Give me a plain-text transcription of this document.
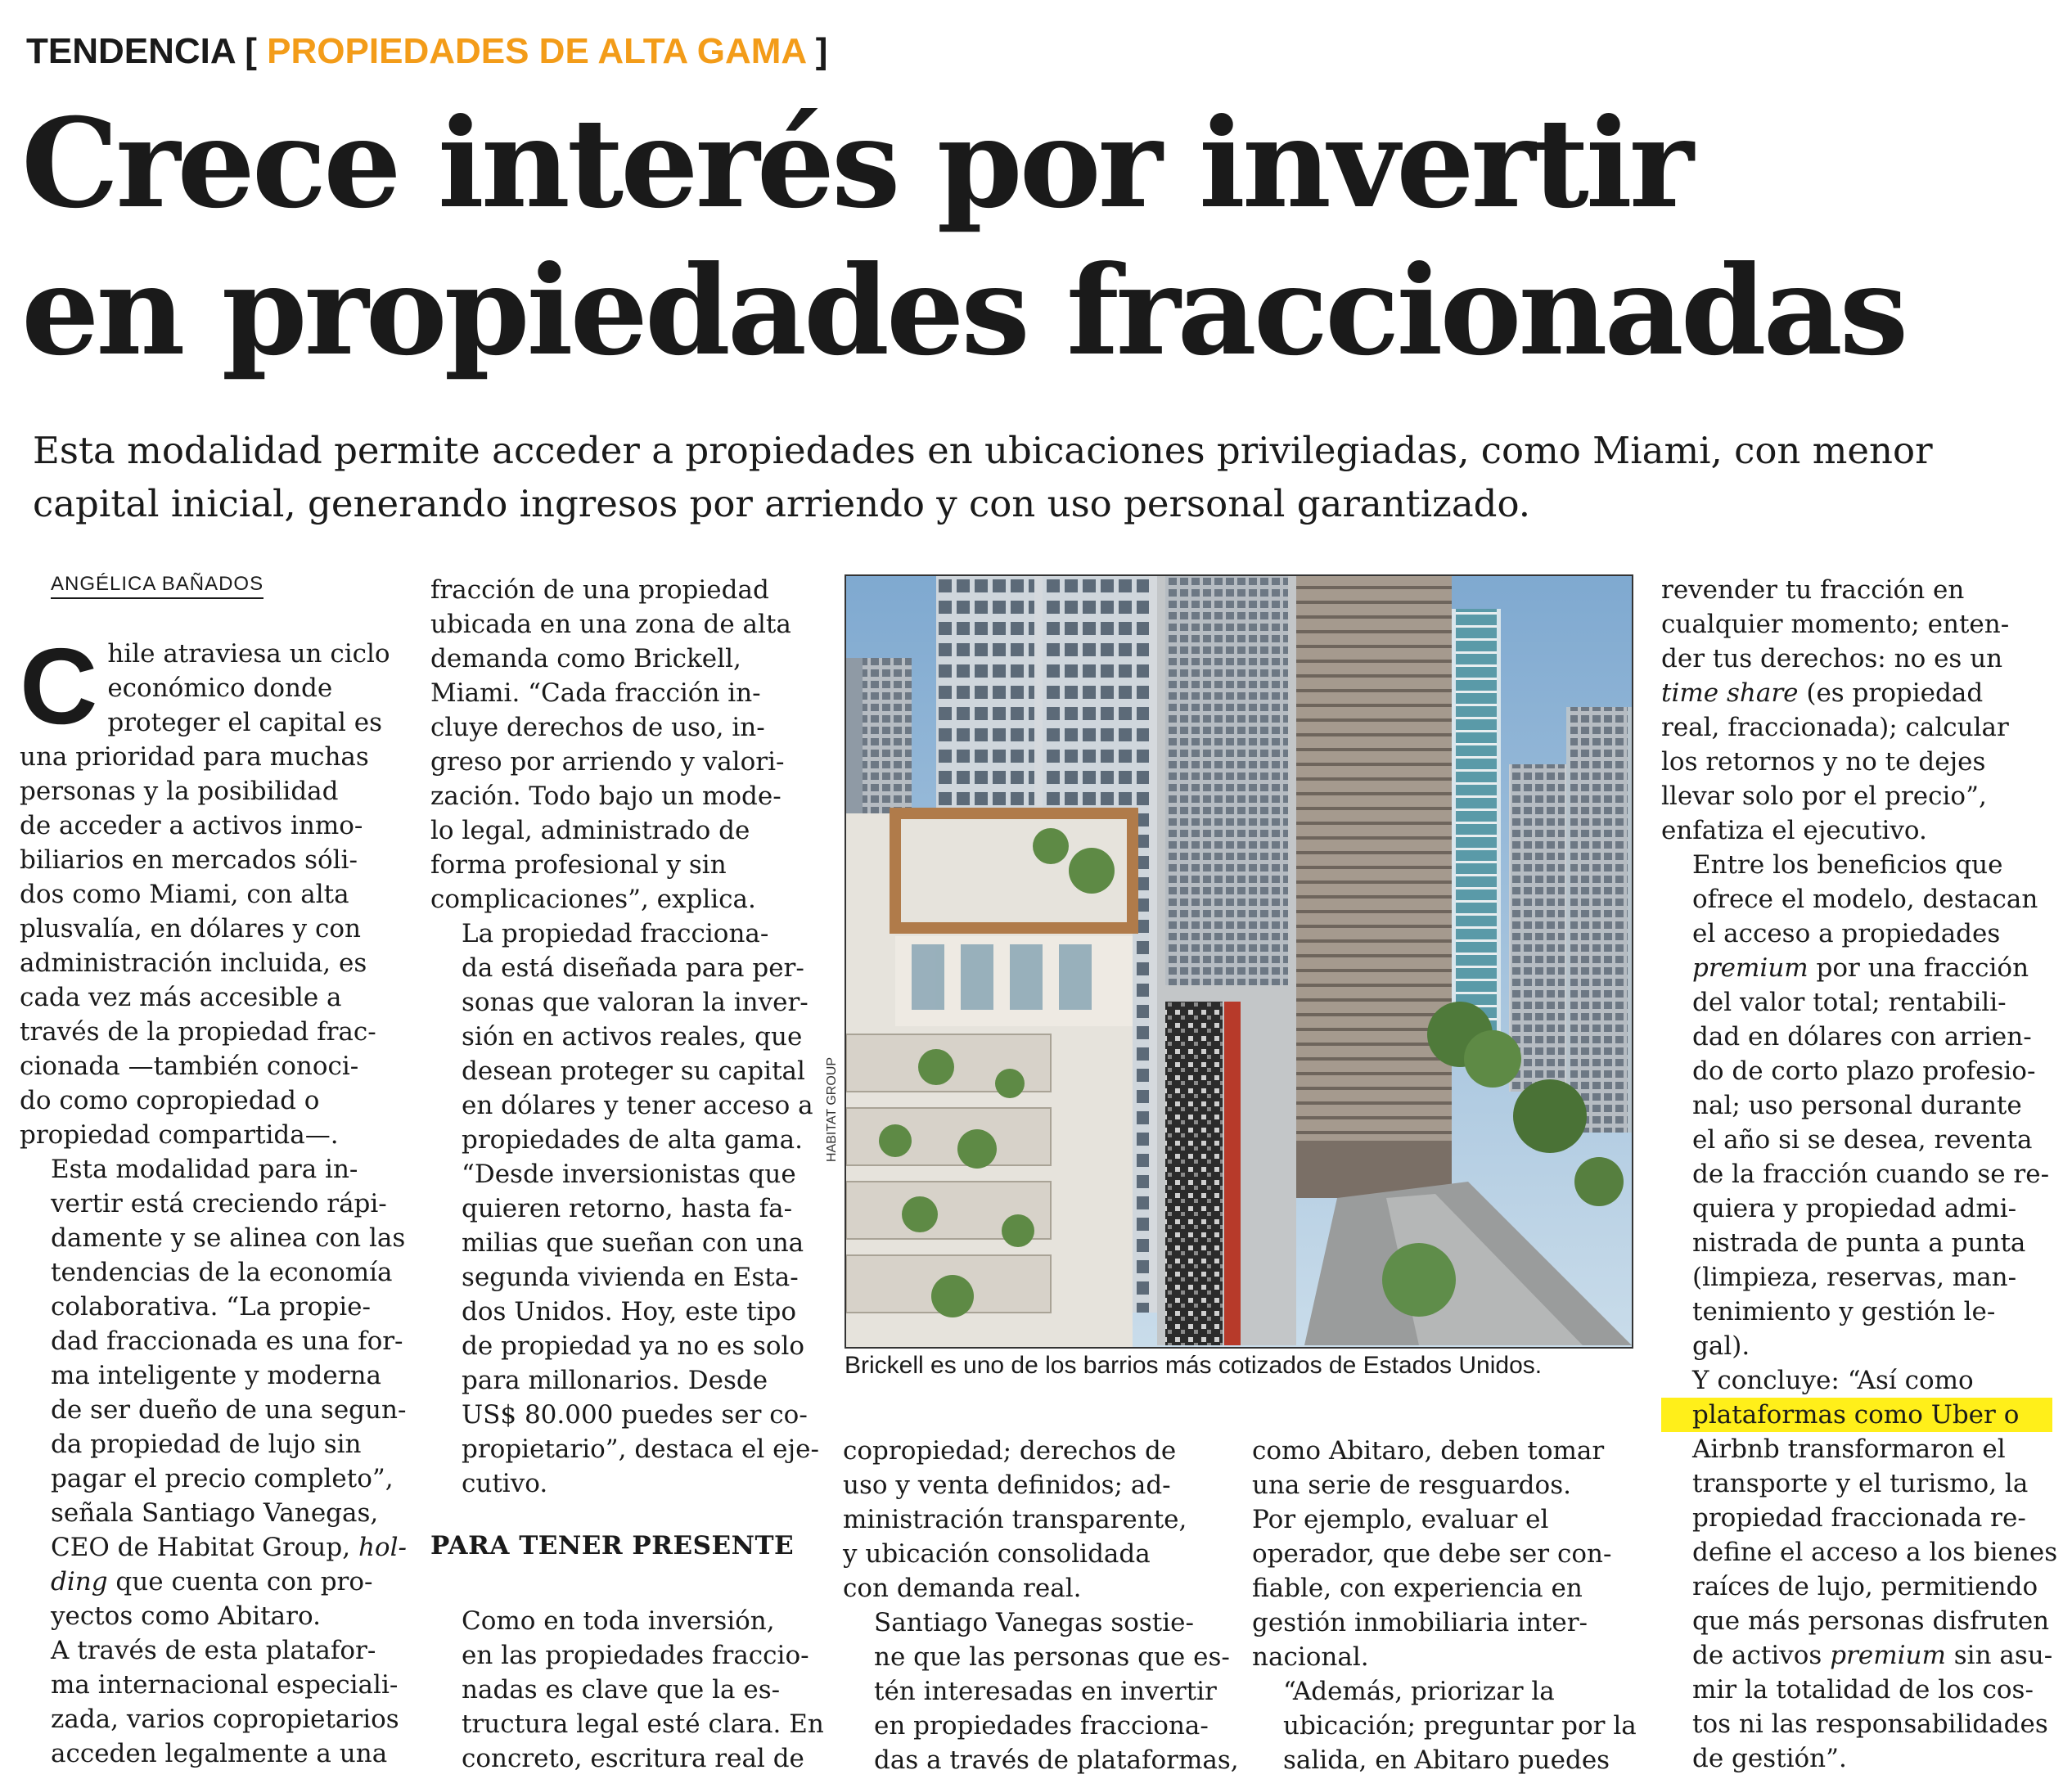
TENDENCIA [ PROPIEDADES DE ALTA GAMA ]
Crece interés por invertir
en propiedades fraccionadas

Esta modalidad permite acceder a propiedades en ubicaciones privilegiadas, como Miami, con menor
capital inicial, generando ingresos por arriendo y con uso personal garantizado.

ANGÉLICA BAÑADOS

C hile atraviesa un ciclo
económico donde
proteger el capital es
una prioridad para muchas
personas y la posibilidad
de acceder a activos inmo-
biliarios en mercados sóli-
dos como Miami, con alta
plusvalía, en dólares y con
administración incluida, es
cada vez más accesible a
través de la propiedad frac-
cionada —también conoci-
do como copropiedad o
propiedad compartida—.

Esta modalidad para in-
vertir está creciendo rápi-
damente y se alinea con las
tendencias de la economía
colaborativa. “La propie-
dad fraccionada es una for-
ma inteligente y moderna
de ser dueño de una segun-
da propiedad de lujo sin
pagar el precio completo”,
señala Santiago Vanegas,
CEO de Habitat Group, hol-
ding que cuenta con pro-
yectos como Abitaro.

A través de esta platafor-
ma internacional especiali-
zada, varios copropietarios
acceden legalmente a una

fracción de una propiedad
ubicada en una zona de alta
demanda como Brickell,
Miami. “Cada fracción in-
cluye derechos de uso, in-
greso por arriendo y valori-
zación. Todo bajo un mode-
lo legal, administrado de
forma profesional y sin
complicaciones”, explica.

La propiedad fracciona-
da está diseñada para per-
sonas que valoran la inver-
sión en activos reales, que
desean proteger su capital
en dólares y tener acceso a
propiedades de alta gama.
“Desde inversionistas que
quieren retorno, hasta fa-
milias que sueñan con una
segunda vivienda en Esta-
dos Unidos. Hoy, este tipo
de propiedad ya no es solo
para millonarios. Desde
US$ 80.000 puedes ser co-
propietario”, destaca el eje-
cutivo.

PARA TENER PRESENTE

Como en toda inversión,
en las propiedades fraccio-
nadas es clave que la es-
tructura legal esté clara. En
concreto, escritura real de

HABITAT GROUP
Brickell es uno de los barrios más cotizados de Estados Unidos.

copropiedad; derechos de
uso y venta definidos; ad-
ministración transparente,
y ubicación consolidada
con demanda real.

Santiago Vanegas sostie-
ne que las personas que es-
tén interesadas en invertir
en propiedades fracciona-
das a través de plataformas,

como Abitaro, deben tomar
una serie de resguardos.
Por ejemplo, evaluar el
operador, que debe ser con-
fiable, con experiencia en
gestión inmobiliaria inter-
nacional.

“Además, priorizar la
ubicación; preguntar por la
salida, en Abitaro puedes

revender tu fracción en
cualquier momento; enten-
der tus derechos: no es un
time share (es propiedad
real, fraccionada); calcular
los retornos y no te dejes
llevar solo por el precio”,
enfatiza el ejecutivo.

Entre los beneficios que
ofrece el modelo, destacan
el acceso a propiedades
premium por una fracción
del valor total; rentabili-
dad en dólares con arrien-
do de corto plazo profesio-
nal; uso personal durante
el año si se desea, reventa
de la fracción cuando se re-
quiera y propiedad admi-
nistrada de punta a punta
(limpieza, reservas, man-
tenimiento y gestión le-
gal).

Y concluye: “Así como
plataformas como Uber o
Airbnb transformaron el
transporte y el turismo, la
propiedad fraccionada re-
define el acceso a los bienes
raíces de lujo, permitiendo
que más personas disfruten
de activos premium sin asu-
mir la totalidad de los cos-
tos ni las responsabilidades
de gestión”.
